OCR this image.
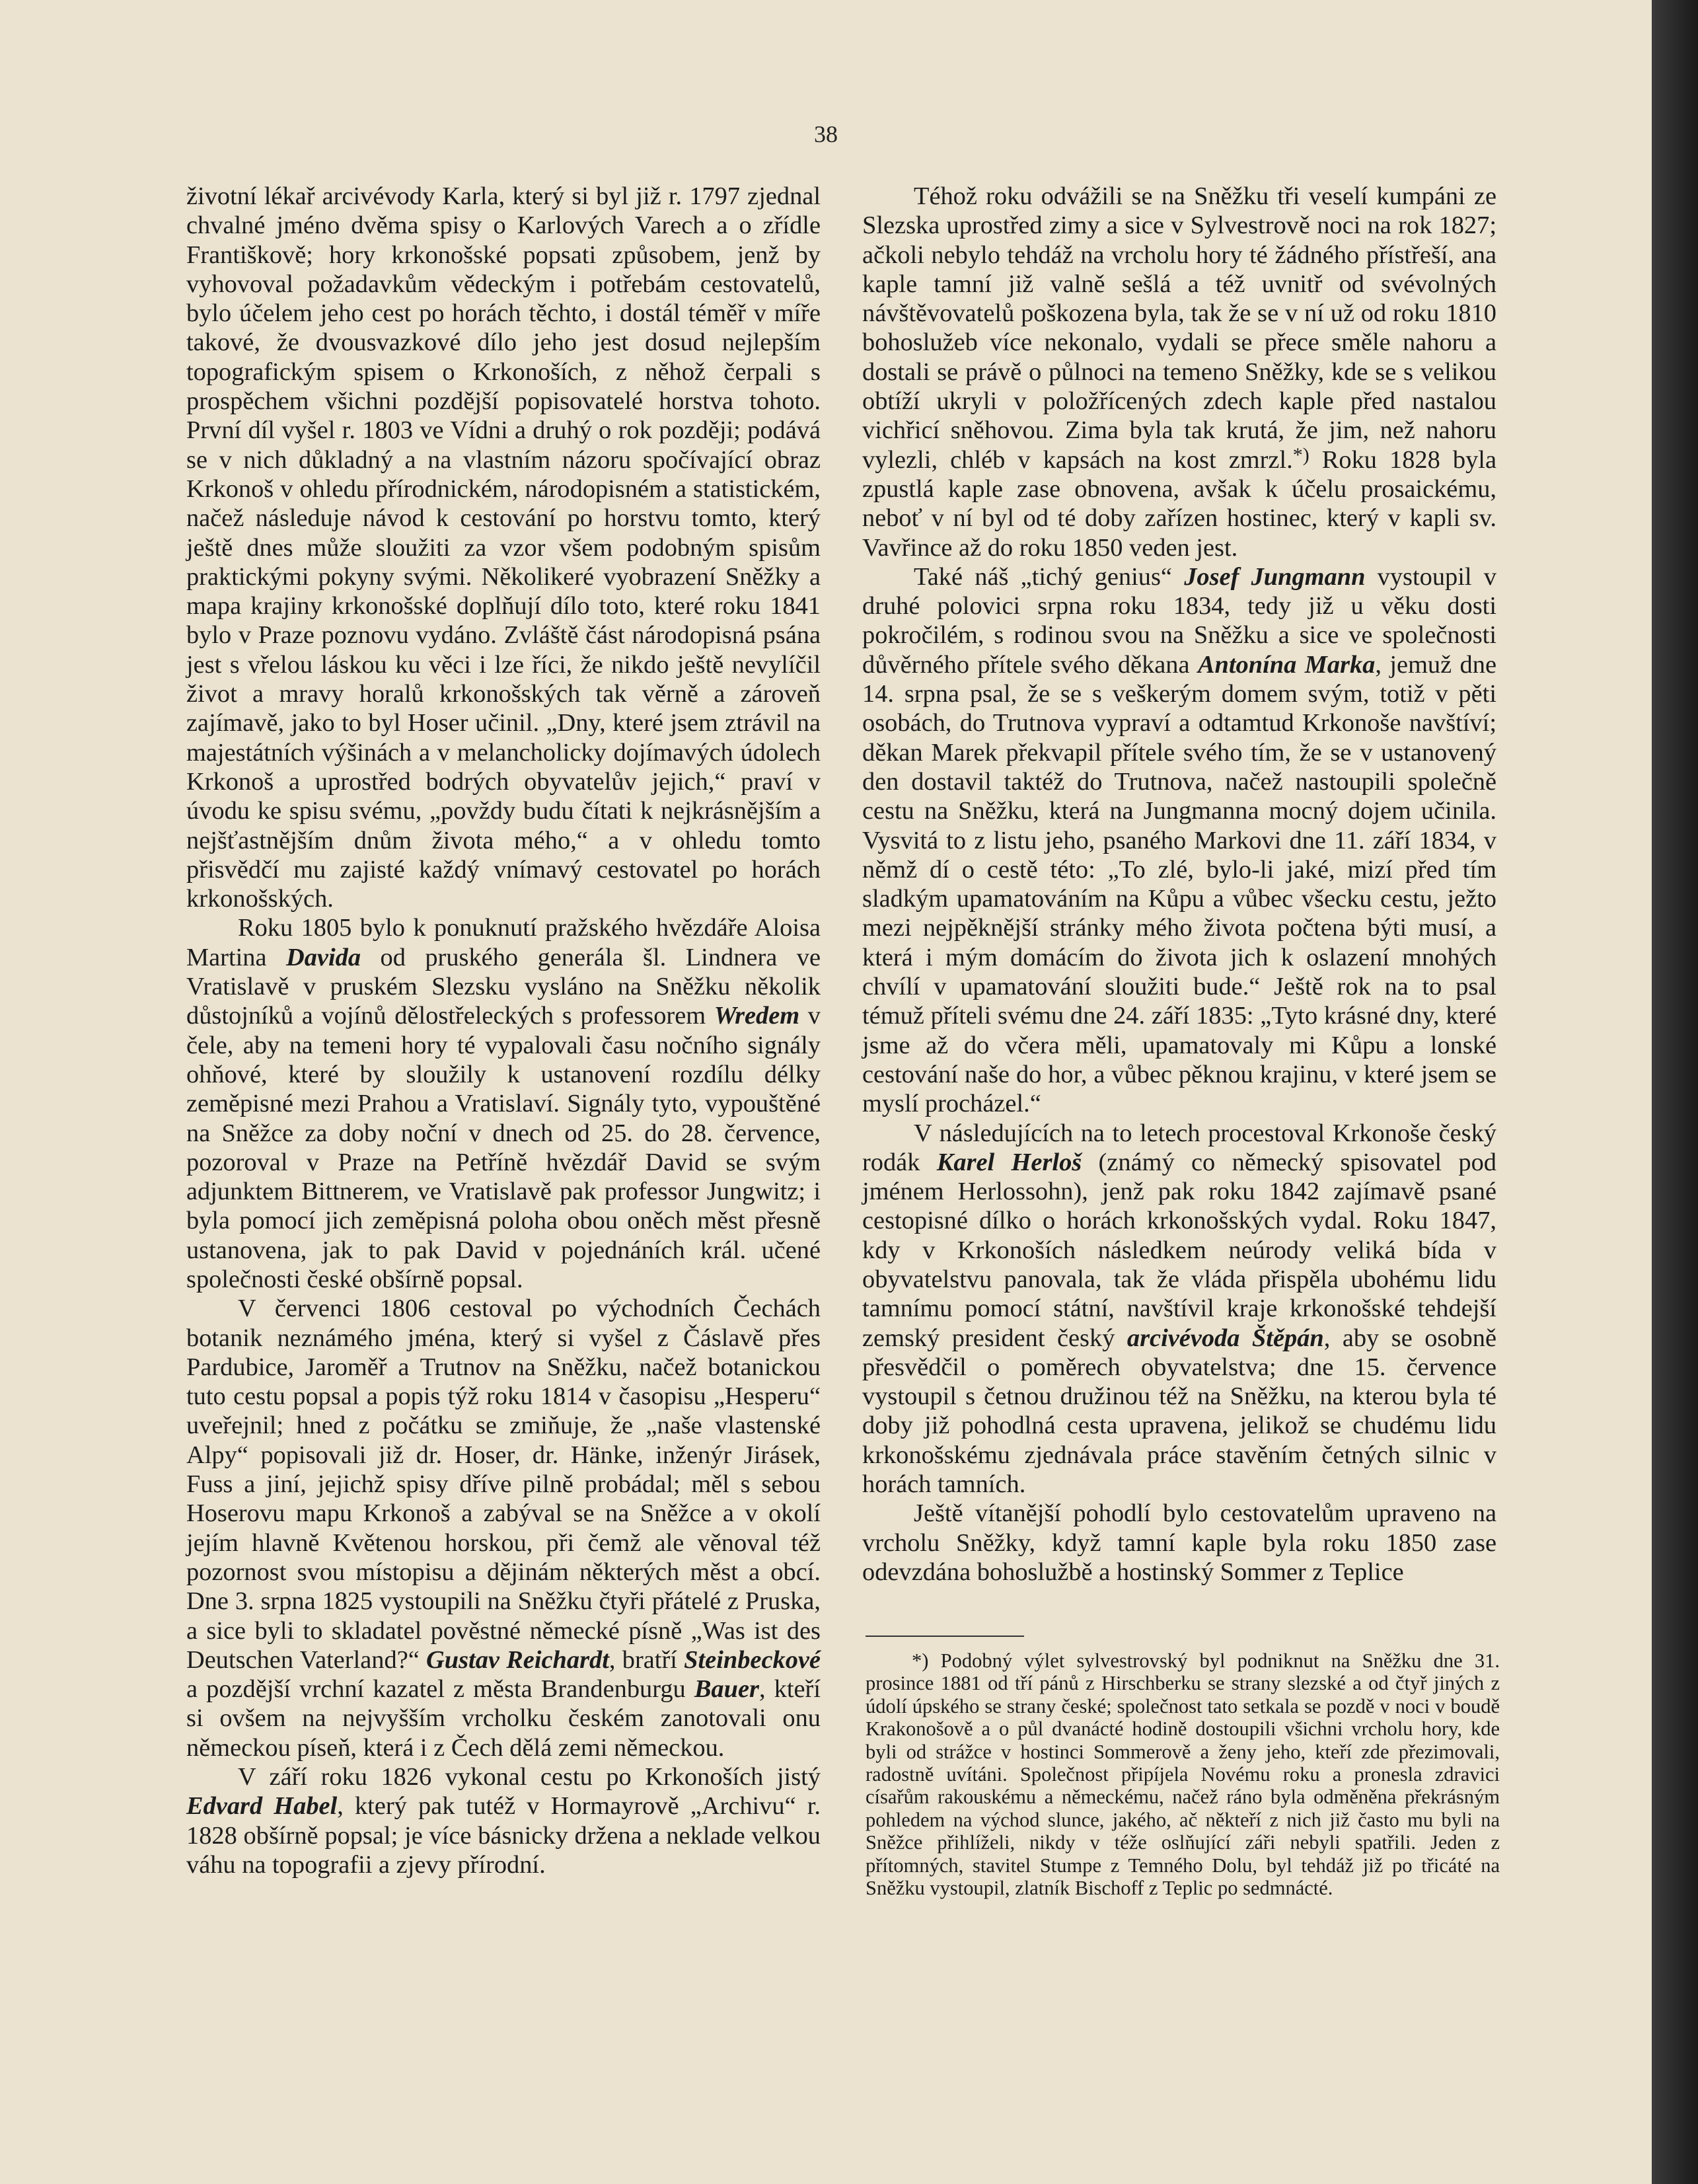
38

životní lékař arcivévody Karla, který si byl již r. 1797 zjednal chvalné jméno dvěma spisy o Karlových Varech a o zřídle Františkově; hory krkonošské popsati způsobem, jenž by vyhovoval požadavkům vědeckým i potřebám cestovatelů, bylo účelem jeho cest po horách těchto, i dostál téměř v míře takové, že dvousvazkové dílo jeho jest dosud nejlepším topografickým spisem o Krkonoších, z něhož čerpali s prospěchem všichni pozdější popisovatelé horstva tohoto. První díl vyšel r. 1803 ve Vídni a druhý o rok později; podává se v nich důkladný a na vlastním názoru spočívající obraz Krkonoš v ohledu přírodnickém, národopisném a statistickém, načež následuje návod k cestování po horstvu tomto, který ještě dnes může sloužiti za vzor všem podobným spisům praktickými pokyny svými. Několikeré vyobrazení Sněžky a mapa krajiny krkonošské doplňují dílo toto, které roku 1841 bylo v Praze poznovu vydáno. Zvláště část národopisná psána jest s vřelou láskou ku věci i lze říci, že nikdo ještě nevylíčil život a mravy horalů krkonošských tak věrně a zároveň zajímavě, jako to byl Hoser učinil. „Dny, které jsem ztrávil na majestátních výšinách a v melancholicky dojímavých údolech Krkonoš a uprostřed bodrých obyvatelův jejich,“ praví v úvodu ke spisu svému, „povždy budu čítati k nejkrásnějším a nejšťastnějším dnům života mého,“ a v ohledu tomto přisvědčí mu zajisté každý vnímavý cestovatel po horách krkonošských.

Roku 1805 bylo k ponuknutí pražského hvězdáře Aloisa Martina Davida od pruského generála šl. Lindnera ve Vratislavě v pruském Slezsku vysláno na Sněžku několik důstojníků a vojínů dělostřeleckých s professorem Wredem v čele, aby na temeni hory té vypalovali času nočního signály ohňové, které by sloužily k ustanovení rozdílu délky zeměpisné mezi Prahou a Vratislaví. Signály tyto, vypouštěné na Sněžce za doby noční v dnech od 25. do 28. července, pozoroval v Praze na Petříně hvězdář David se svým adjunktem Bittnerem, ve Vratislavě pak professor Jungwitz; i byla pomocí jich zeměpisná poloha obou oněch měst přesně ustanovena, jak to pak David v pojednáních král. učené společnosti české obšírně popsal.

V červenci 1806 cestoval po východních Čechách botanik neznámého jména, který si vyšel z Čáslavě přes Pardubice, Jaroměř a Trutnov na Sněžku, načež botanickou tuto cestu popsal a popis týž roku 1814 v časopisu „Hesperu“ uveřejnil; hned z počátku se zmiňuje, že „naše vlastenské Alpy“ popisovali již dr. Hoser, dr. Hänke, inženýr Jirásek, Fuss a jiní, jejichž spisy dříve pilně probádal; měl s sebou Hoserovu mapu Krkonoš a zabýval se na Sněžce a v okolí jejím hlavně Květenou horskou, při čemž ale věnoval též pozornost svou místopisu a dějinám některých měst a obcí. Dne 3. srpna 1825 vystoupili na Sněžku čtyři přátelé z Pruska, a sice byli to skladatel pověstné německé písně „Was ist des Deutschen Vaterland?“ Gustav Reichardt, bratří Steinbeckové a pozdější vrchní kazatel z města Brandenburgu Bauer, kteří si ovšem na nejvyšším vrcholku českém zanotovali onu německou píseň, která i z Čech dělá zemi německou.

V září roku 1826 vykonal cestu po Krkonoších jistý Edvard Habel, který pak tutéž v Hormayrově „Archivu“ r. 1828 obšírně popsal; je více básnicky držena a neklade velkou váhu na topografii a zjevy přírodní.

Téhož roku odvážili se na Sněžku tři veselí kumpáni ze Slezska uprostřed zimy a sice v Sylvestrově noci na rok 1827; ačkoli nebylo tehdáž na vrcholu hory té žádného přístřeší, ana kaple tamní již valně sešlá a též uvnitř od svévolných návštěvovatelů poškozena byla, tak že se v ní už od roku 1810 bohoslužeb více nekonalo, vydali se přece směle nahoru a dostali se právě o půlnoci na temeno Sněžky, kde se s velikou obtíží ukryli v položřícených zdech kaple před nastalou vichřicí sněhovou. Zima byla tak krutá, že jim, než nahoru vylezli, chléb v kapsách na kost zmrzl.*) Roku 1828 byla zpustlá kaple zase obnovena, avšak k účelu prosaickému, neboť v ní byl od té doby zařízen hostinec, který v kapli sv. Vavřince až do roku 1850 veden jest.

Také náš „tichý genius“ Josef Jungmann vystoupil v druhé polovici srpna roku 1834, tedy již u věku dosti pokročilém, s rodinou svou na Sněžku a sice ve společnosti důvěrného přítele svého děkana Antonína Marka, jemuž dne 14. srpna psal, že se s veškerým domem svým, totiž v pěti osobách, do Trutnova vypraví a odtamtud Krkonoše navštíví; děkan Marek překvapil přítele svého tím, že se v ustanovený den dostavil taktéž do Trutnova, načež nastoupili společně cestu na Sněžku, která na Jungmanna mocný dojem učinila. Vysvitá to z listu jeho, psaného Markovi dne 11. září 1834, v němž dí o cestě této: „To zlé, bylo-li jaké, mizí před tím sladkým upamatováním na Kůpu a vůbec všecku cestu, ježto mezi nejpěknější stránky mého života počtena býti musí, a která i mým domácím do života jich k oslazení mnohých chvílí v upamatování sloužiti bude.“ Ještě rok na to psal témuž příteli svému dne 24. září 1835: „Tyto krásné dny, které jsme až do včera měli, upamatovaly mi Kůpu a lonské cestování naše do hor, a vůbec pěknou krajinu, v které jsem se myslí procházel.“

V následujících na to letech procestoval Krkonoše český rodák Karel Herloš (známý co německý spisovatel pod jménem Herlossohn), jenž pak roku 1842 zajímavě psané cestopisné dílko o horách krkonošských vydal. Roku 1847, kdy v Krkonoších následkem neúrody veliká bída v obyvatelstvu panovala, tak že vláda přispěla ubohému lidu tamnímu pomocí státní, navštívil kraje krkonošské tehdejší zemský president český arcivévoda Štěpán, aby se osobně přesvědčil o poměrech obyvatelstva; dne 15. července vystoupil s četnou družinou též na Sněžku, na kterou byla té doby již pohodlná cesta upravena, jelikož se chudému lidu krkonošskému zjednávala práce stavěním četných silnic v horách tamních.

Ještě vítanější pohodlí bylo cestovatelům upraveno na vrcholu Sněžky, když tamní kaple byla roku 1850 zase odevzdána bohoslužbě a hostinský Sommer z Teplice

*) Podobný výlet sylvestrovský byl podniknut na Sněžku dne 31. prosince 1881 od tří pánů z Hirschberku se strany slezské a od čtyř jiných z údolí úpského se strany české; společnost tato setkala se pozdě v noci v boudě Krakonošově a o půl dvanácté hodině dostoupili všichni vrcholu hory, kde byli od strážce v hostinci Sommerově a ženy jeho, kteří zde přezimovali, radostně uvítáni. Společnost připíjela Novému roku a pronesla zdravici císařům rakouskému a německému, načež ráno byla odměněna překrásným pohledem na východ slunce, jakého, ač někteří z nich již často mu byli na Sněžce přihlíželi, nikdy v téže oslňující záři nebyli spatřili. Jeden z přítomných, stavitel Stumpe z Temného Dolu, byl tehdáž již po třicáté na Sněžku vystoupil, zlatník Bischoff z Teplic po sedmnácté.
